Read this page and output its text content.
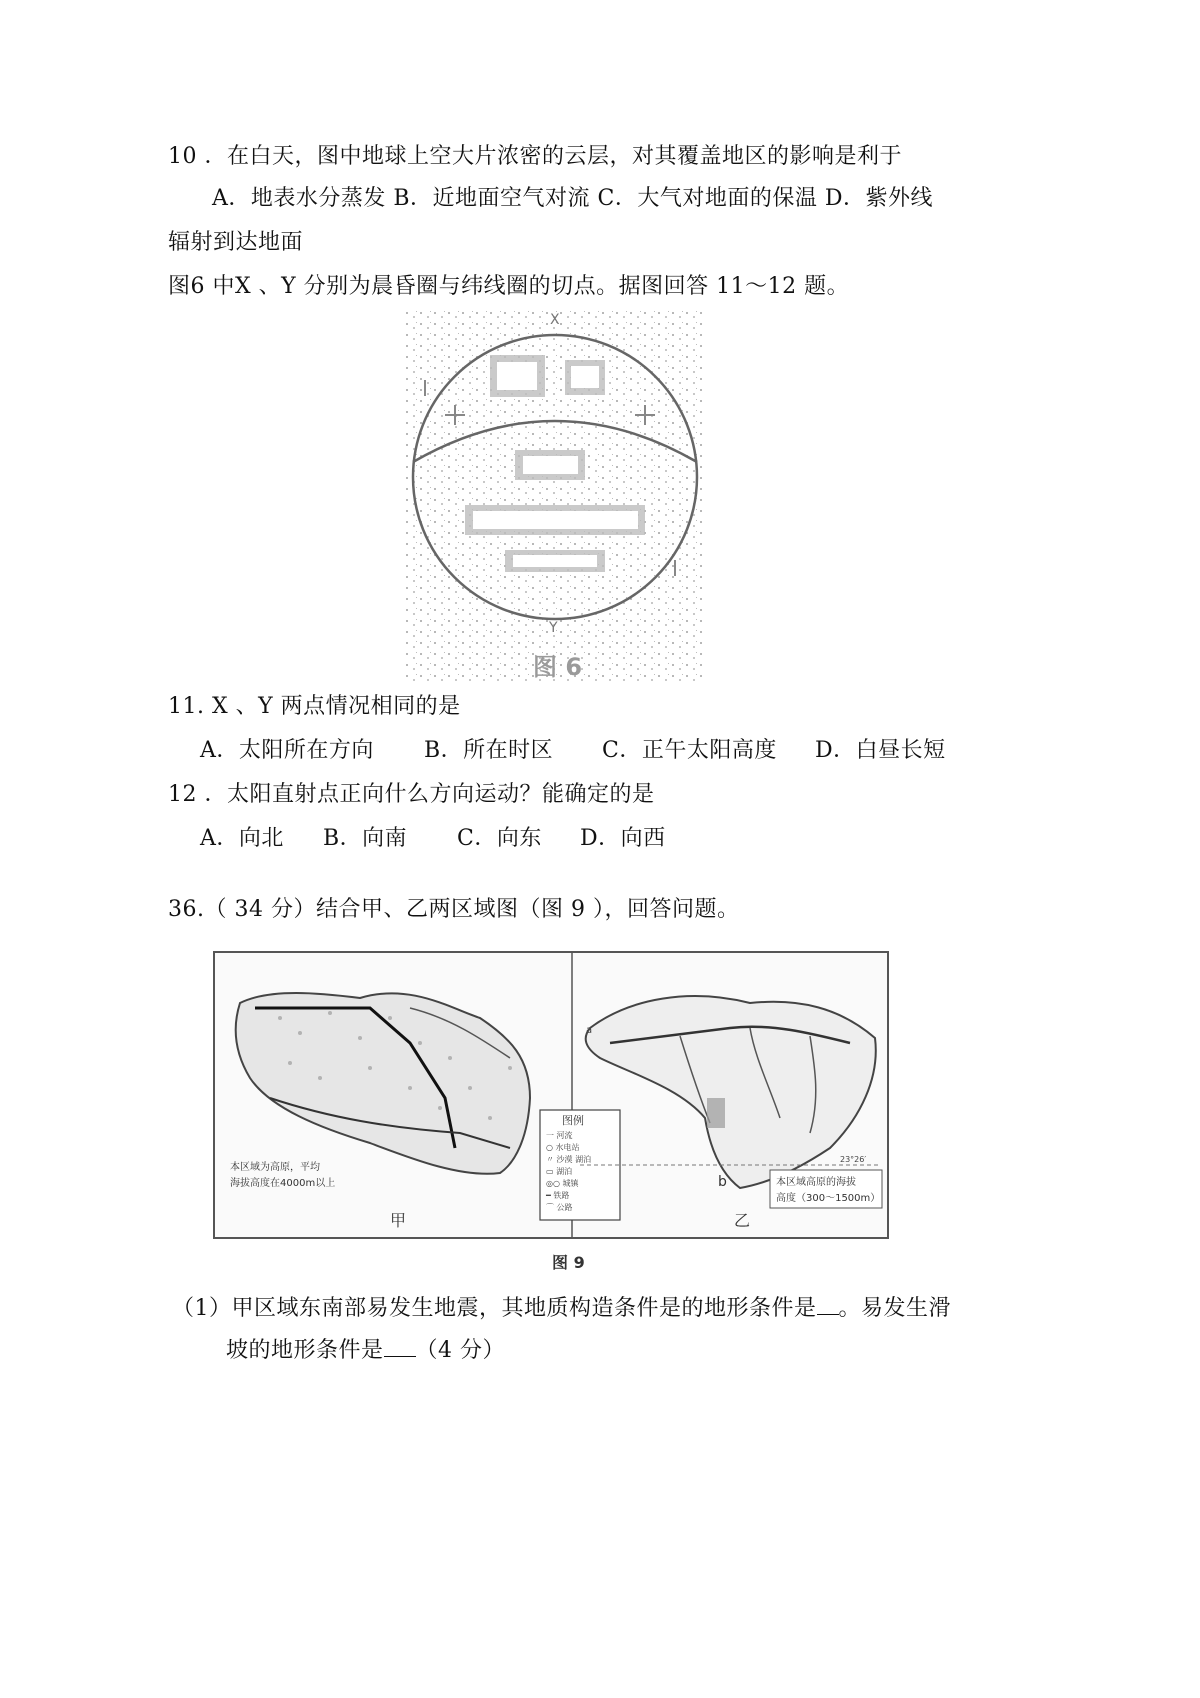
10 ．在白天，图中地球上空大片浓密的云层，对其覆盖地区的影响是利于
A．地表水分蒸发 B．近地面空气对流 C．大气对地面的保温 D．紫外线
辐射到达地面
图6 中X 、Y 分别为晨昏圈与纬线圈的切点。据图回答 11～12 题。
X
Y
图 6
11. X 、Y 两点情况相同的是
A．太阳所在方向 B．所在时区 C．正午太阳高度 D．白昼长短
12 ．太阳直射点正向什么方向运动？能确定的是
A．向北 B．向南 C．向东 D．向西
36.（ 34 分）结合甲、乙两区域图（图 9 ），回答问题。
图例
一 河流
○ 水电站
〃 沙漠 湖泊
▭ 湖泊
◎○ 城镇
━ 铁路
⌒ 公路
本区域为高原，平均
海拔高度在4000m以上
甲
23°26′
a
b	本区域高原的海拔
高度（300～1500m）
乙
图 9
（1）甲区域东南部易发生地震，其地质构造条件是的地形条件是 。易发生滑
坡的地形条件是 （4 分）
